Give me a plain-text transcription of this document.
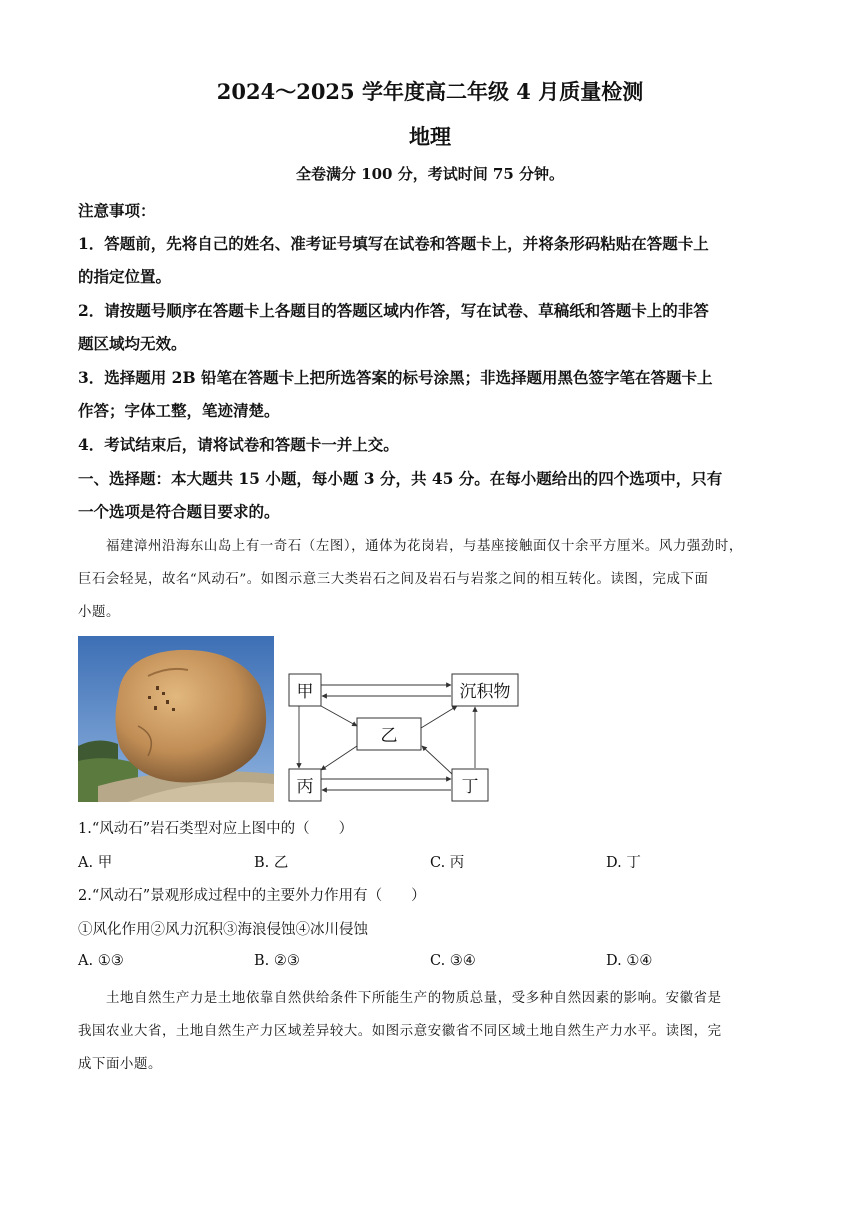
2024～2025 学年度高二年级 4 月质量检测
地理
全卷满分 100 分，考试时间 75 分钟。
注意事项：
1．答题前，先将自己的姓名、准考证号填写在试卷和答题卡上，并将条形码粘贴在答题卡上
的指定位置。
2．请按题号顺序在答题卡上各题目的答题区域内作答，写在试卷、草稿纸和答题卡上的非答
题区域均无效。
3．选择题用 2B 铅笔在答题卡上把所选答案的标号涂黑；非选择题用黑色签字笔在答题卡上
作答；字体工整，笔迹清楚。
4．考试结束后，请将试卷和答题卡一并上交。
一、选择题：本大题共 15 小题，每小题 3 分，共 45 分。在每小题给出的四个选项中，只有
一个选项是符合题目要求的。
福建漳州沿海东山岛上有一奇石（左图），通体为花岗岩，与基座接触面仅十余平方厘米。风力强劲时，
巨石会轻晃，故名“风动石”。如图示意三大类岩石之间及岩石与岩浆之间的相互转化。读图，完成下面
小题。
甲	沉积物
乙
丙	丁
1.“风动石”岩石类型对应上图中的（　　）
A. 甲	B. 乙	C. 丙	D. 丁
2.“风动石”景观形成过程中的主要外力作用有（　　）
①风化作用②风力沉积③海浪侵蚀④冰川侵蚀
A. ①③	B. ②③	C. ③④	D. ①④
土地自然生产力是土地依靠自然供给条件下所能生产的物质总量，受多种自然因素的影响。安徽省是
我国农业大省，土地自然生产力区域差异较大。如图示意安徽省不同区域土地自然生产力水平。读图，完
成下面小题。
